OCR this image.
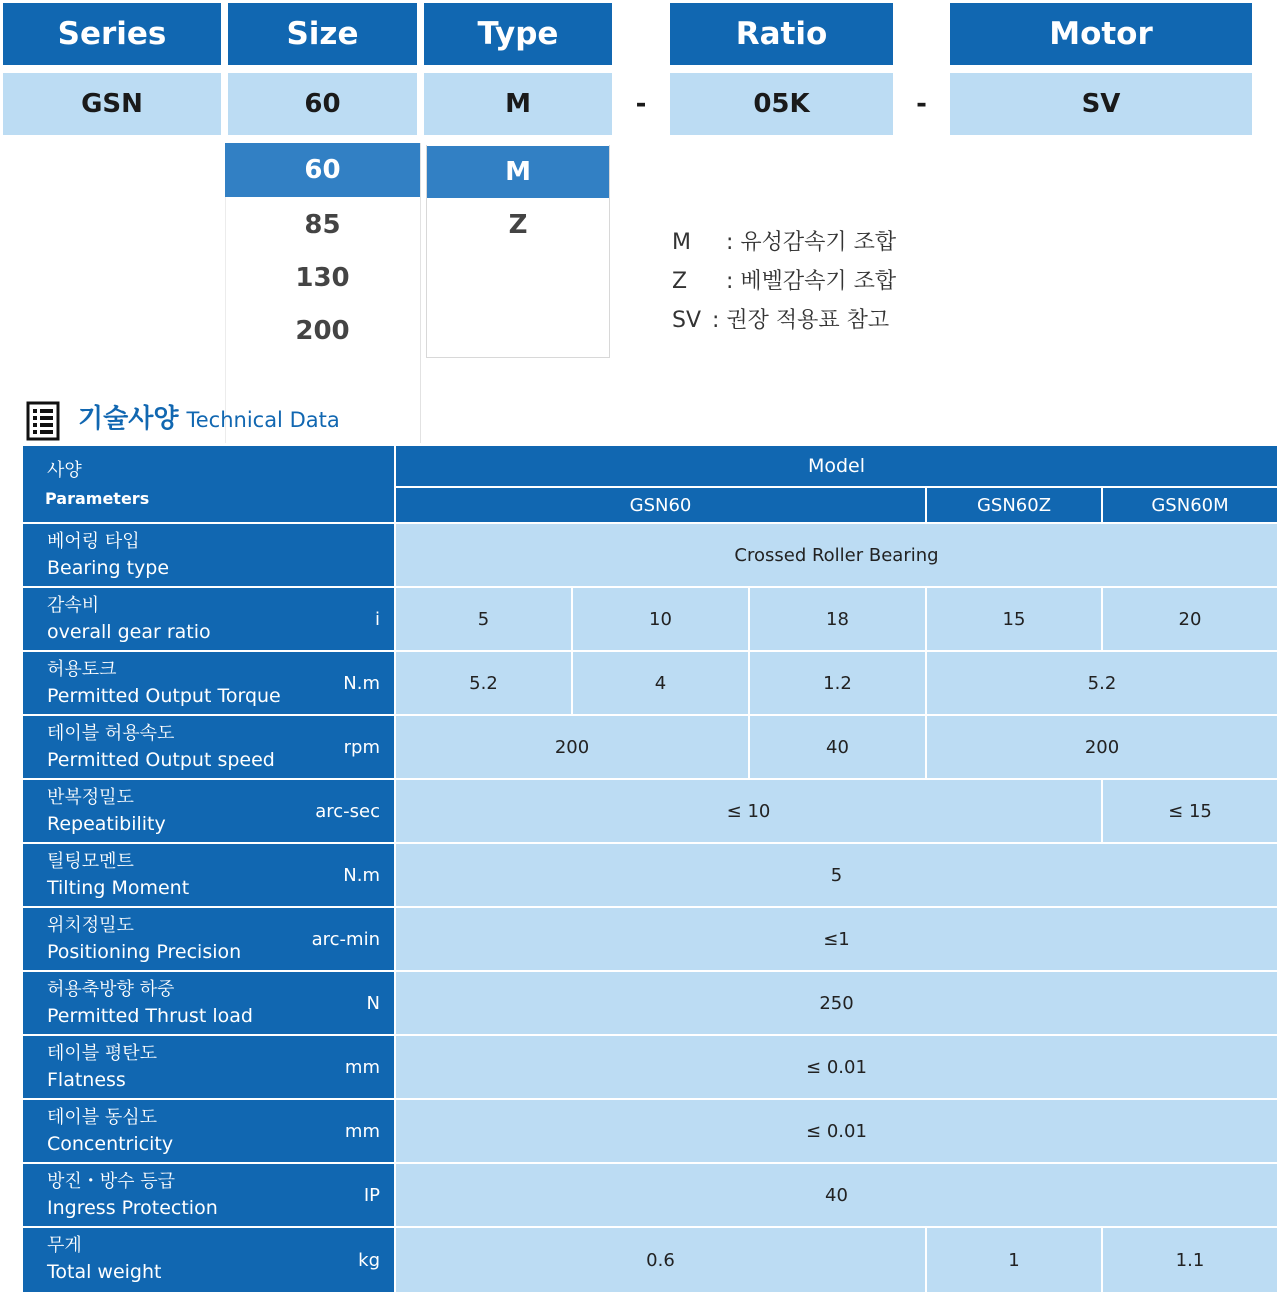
Series	Size	Type	Ratio	Motor
GSN	60	M	-	05K	-	SV
60
85
130
200
M
Z
M  : 유성감속기 조합
Z  : 베벨감속기 조합
SV : 권장 적용표 참고
기술사양 Technical Data
사양
Parameters
Model
GSN60	GSN60Z	GSN60M
베어링 타입
Bearing type
Crossed Roller Bearing
감속비
overall gear ratio
i	5	10	18	15	20
허용토크
Permitted Output Torque
N.m	5.2	4	1.2	5.2
테이블 허용속도
Permitted Output speed
rpm	200	40	200
반복정밀도
Repeatibility
arc-sec	≤ 10	≤ 15
틸팅모멘트
Tilting Moment
N.m	5
위치정밀도
Positioning Precision
arc-min	≤1
허용축방향 하중
Permitted Thrust load
N	250
테이블 평탄도
Flatness
mm	≤ 0.01
테이블 동심도
Concentricity
mm	≤ 0.01
방진・방수 등급
Ingress Protection
IP	40
무게
Total weight
kg	0.6	1	1.1
